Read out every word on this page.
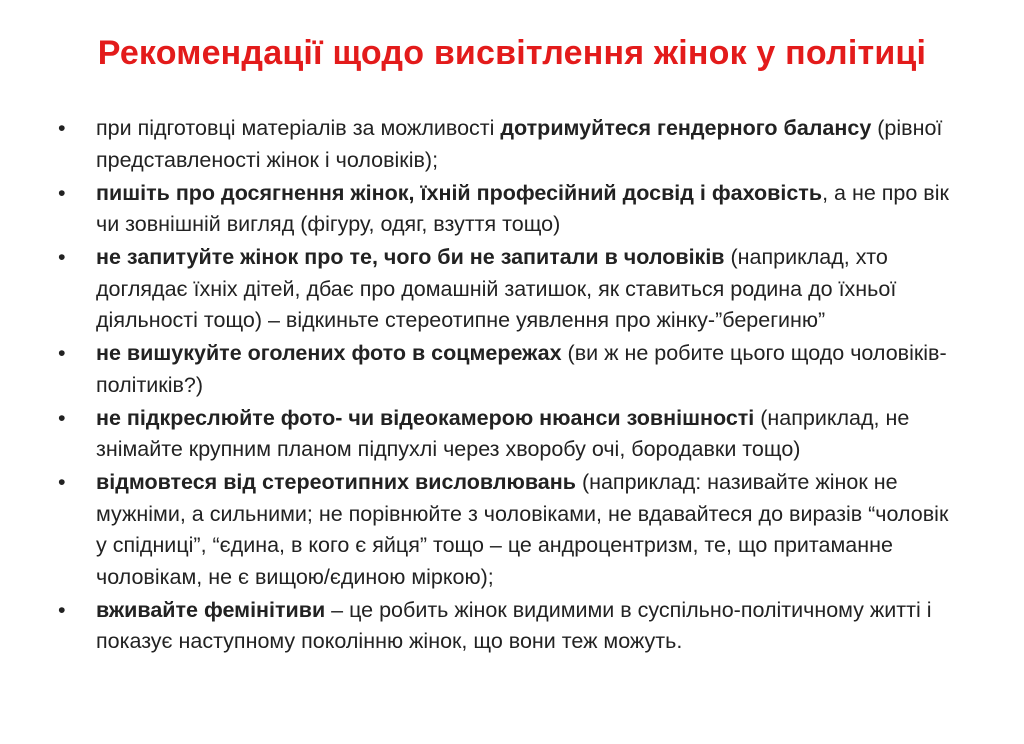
Рекомендації щодо висвітлення жінок у політиці
•	при підготовці матеріалів за можливості дотримуйтеся гендерного балансу (рівної представленості жінок і чоловіків);
•	пишіть про досягнення жінок, їхній професійний досвід і фаховість, а не про вік чи зовнішній вигляд (фігуру, одяг, взуття тощо)
•	не запитуйте жінок про те, чого би не запитали в чоловіків (наприклад, хто доглядає їхніх дітей, дбає про домашній затишок, як ставиться родина до їхньої діяльності тощо) – відкиньте стереотипне уявлення про жінку-”берегиню”
•	не вишукуйте оголених фото в соцмережах (ви ж не робите цього щодо чоловіків-політиків?)
•	не підкреслюйте фото- чи відеокамерою нюанси зовнішності (наприклад, не знімайте крупним планом підпухлі через хворобу очі, бородавки тощо)
•	відмовтеся від стереотипних висловлювань (наприклад: називайте жінок не мужніми, а сильними; не порівнюйте з чоловіками, не вдавайтеся до виразів “чоловік у спідниці”, “єдина, в кого є яйця” тощо – це андроцентризм, те, що притаманне чоловікам, не є вищою/єдиною міркою);
•	вживайте фемінітиви – це робить жінок видимими в суспільно-політичному житті і показує наступному поколінню жінок, що вони теж можуть.
